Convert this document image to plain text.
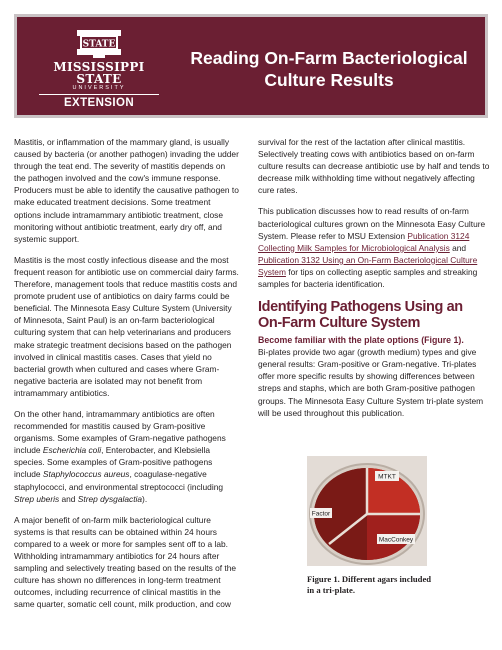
STATE
MISSISSIPPI STATE
UNIVERSITY
EXTENSION
Reading On-Farm Bacteriological Culture Results

Mastitis, or inflammation of the mammary gland, is usually caused by bacteria (or another pathogen) invading the udder through the teat end. The severity of mastitis depends on the pathogen involved and the cow's immune response. Producers must be able to identify the causative pathogen to make educated treatment decisions. Some treatment options include intramammary antibiotic treatment, close monitoring without antibiotic treatment, early dry off, and systemic support.

Mastitis is the most costly infectious disease and the most frequent reason for antibiotic use on commercial dairy farms. Therefore, management tools that reduce mastitis costs and promote prudent use of antibiotics on dairy farms could be beneficial. The Minnesota Easy Culture System (University of Minnesota, Saint Paul) is an on-farm bacteriological culturing system that can help veterinarians and producers make strategic treatment decisions based on the pathogen involved in clinical mastitis cases. Cases that yield no bacterial growth when cultured and cases where Gram-negative bacteria are isolated may not benefit from intramammary antibiotics.

On the other hand, intramammary antibiotics are often recommended for mastitis caused by Gram-positive organisms. Some examples of Gram-negative pathogens include Escherichia coli, Enterobacter, and Klebsiella species. Some examples of Gram-positive pathogens include Staphylococcus aureus, coagulase-negative staphylococci, and environmental streptococci (including Strep uberis and Strep dysgalactia).

A major benefit of on-farm milk bacteriological culture systems is that results can be obtained within 24 hours compared to a week or more for samples sent off to a lab. Withholding intramammary antibiotics for 24 hours after sampling and selectively treating based on the results of the culture has shown no differences in long-term treatment outcomes, including recurrence of clinical mastitis in the same quarter, somatic cell count, milk production, and cow

survival for the rest of the lactation after clinical mastitis. Selectively treating cows with antibiotics based on on-farm culture results can decrease antibiotic use by half and tends to decrease milk withholding time without negatively affecting cure rates.

This publication discusses how to read results of on-farm bacteriological cultures grown on the Minnesota Easy Culture System. Please refer to MSU Extension Publication 3124 Collecting Milk Samples for Microbiological Analysis and Publication 3132 Using an On-Farm Bacteriological Culture System for tips on collecting aseptic samples and streaking samples for bacteria identification.

Identifying Pathogens Using an On-Farm Culture System
Become familiar with the plate options (Figure 1).

Bi-plates provide two agar (growth medium) types and give general results: Gram-positive or Gram-negative. Tri-plates offer more specific results by showing differences between streps and staphs, which are both Gram-positive pathogen groups. The Minnesota Easy Culture System tri-plate system will be used throughout this publication.

MTKT
Factor
MacConkey
Figure 1. Different agars included in a tri-plate.
